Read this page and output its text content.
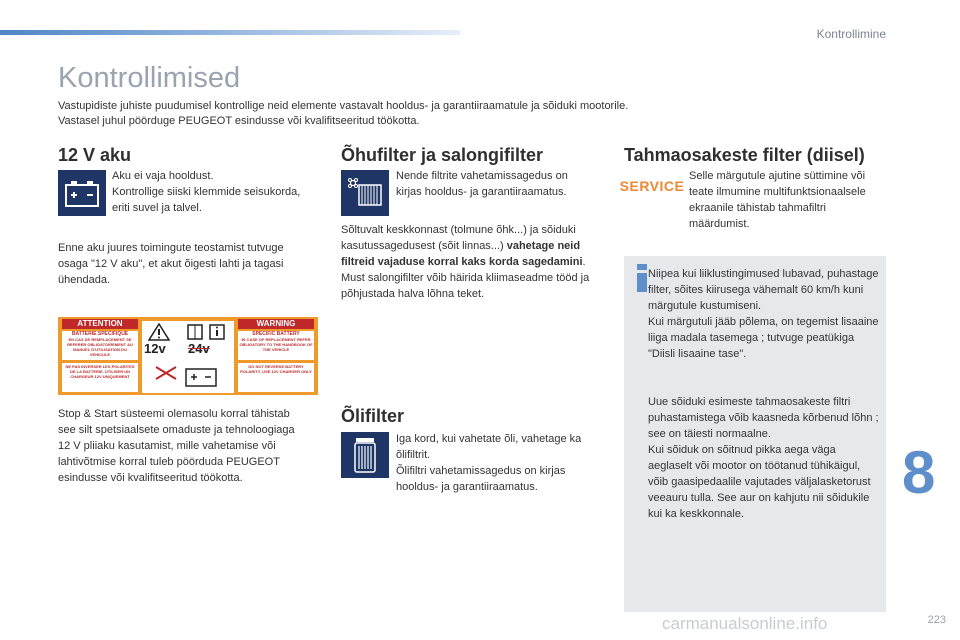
Kontrollimine
Kontrollimised

Vastupidiste juhiste puudumisel kontrollige neid elemente vastavalt hooldus- ja garantiiraamatule ja sõiduki mootorile.

Vastasel juhul pöörduge PEUGEOT esindusse või kvalifitseeritud töökotta.

12 V aku

Aku ei vaja hooldust.

Kontrollige siiski klemmide seisukorda, eriti suvel ja talvel.

Enne aku juures toimingute teostamist tutvuge osaga "12 V aku", et akut õigesti lahti ja tagasi ühendada.

ATTENTION	WARNING
BATTERIE SPECIFIQUE
EN CAS DE REMPLACEMENT SE REFERER OBLIGATOIREMENT AU MANUEL D'UTILISATION DU VEHICULE
NE PAS INVERSER LES POLARITES DE LA BATTERIE. UTILISER UN CHARGEUR 12V UNIQUEMENT
SPECIFIC BATTERY
IN CASE OF REPLACEMENT REFER OBLIGATORY TO THE HANDBOOK OF THE VEHICLE
DO NOT REVERSE BATTERY POLARITY. USE 12V CHARGER ONLY
12v 24v

Stop & Start süsteemi olemasolu korral tähistab see silt spetsiaalsete omaduste ja tehnoloogiaga 12 V pliiaku kasutamist, mille vahetamise või lahtivõtmise korral tuleb pöörduda PEUGEOT esindusse või kvalifitseeritud töökotta.

Õhufilter ja salongifilter

Nende filtrite vahetamissagedus on kirjas hooldus- ja garantiiraamatus.

Sõltuvalt keskkonnast (tolmune õhk...) ja sõiduki kasutussagedusest (sõit linnas...) vahetage neid filtreid vajaduse korral kaks korda sagedamini.

Must salongifilter võib häirida kliimaseadme tööd ja põhjustada halva lõhna teket.

Õlifilter

Iga kord, kui vahetate õli, vahetage ka õlifiltrit.

Õlifiltri vahetamissagedus on kirjas hooldus- ja garantiiraamatus.

Tahmaosakeste filter (diisel)
SERVICE

Selle märgutule ajutine süttimine või teate ilmumine multifunktsionaalsele ekraanile tähistab tahmafiltri määrdumist.

Niipea kui liiklustingimused lubavad, puhastage filter, sõites kiirusega vähemalt 60 km/h kuni märgutule kustumiseni.

Kui märgutuli jääb põlema, on tegemist lisaaine liiga madala tasemega ; tutvuge peatükiga "Diisli lisaaine tase".

Uue sõiduki esimeste tahmaosakeste filtri puhastamistega võib kaasneda kõrbenud lõhn ; see on täiesti normaalne.

Kui sõiduk on sõitnud pikka aega väga aeglaselt või mootor on töötanud tühikäigul, võib gaasipedaalile vajutades väljalasketorust veeauru tulla. See aur on kahjutu nii sõidukile kui ka keskkonnale.

8
223
carmanualsonline.info
